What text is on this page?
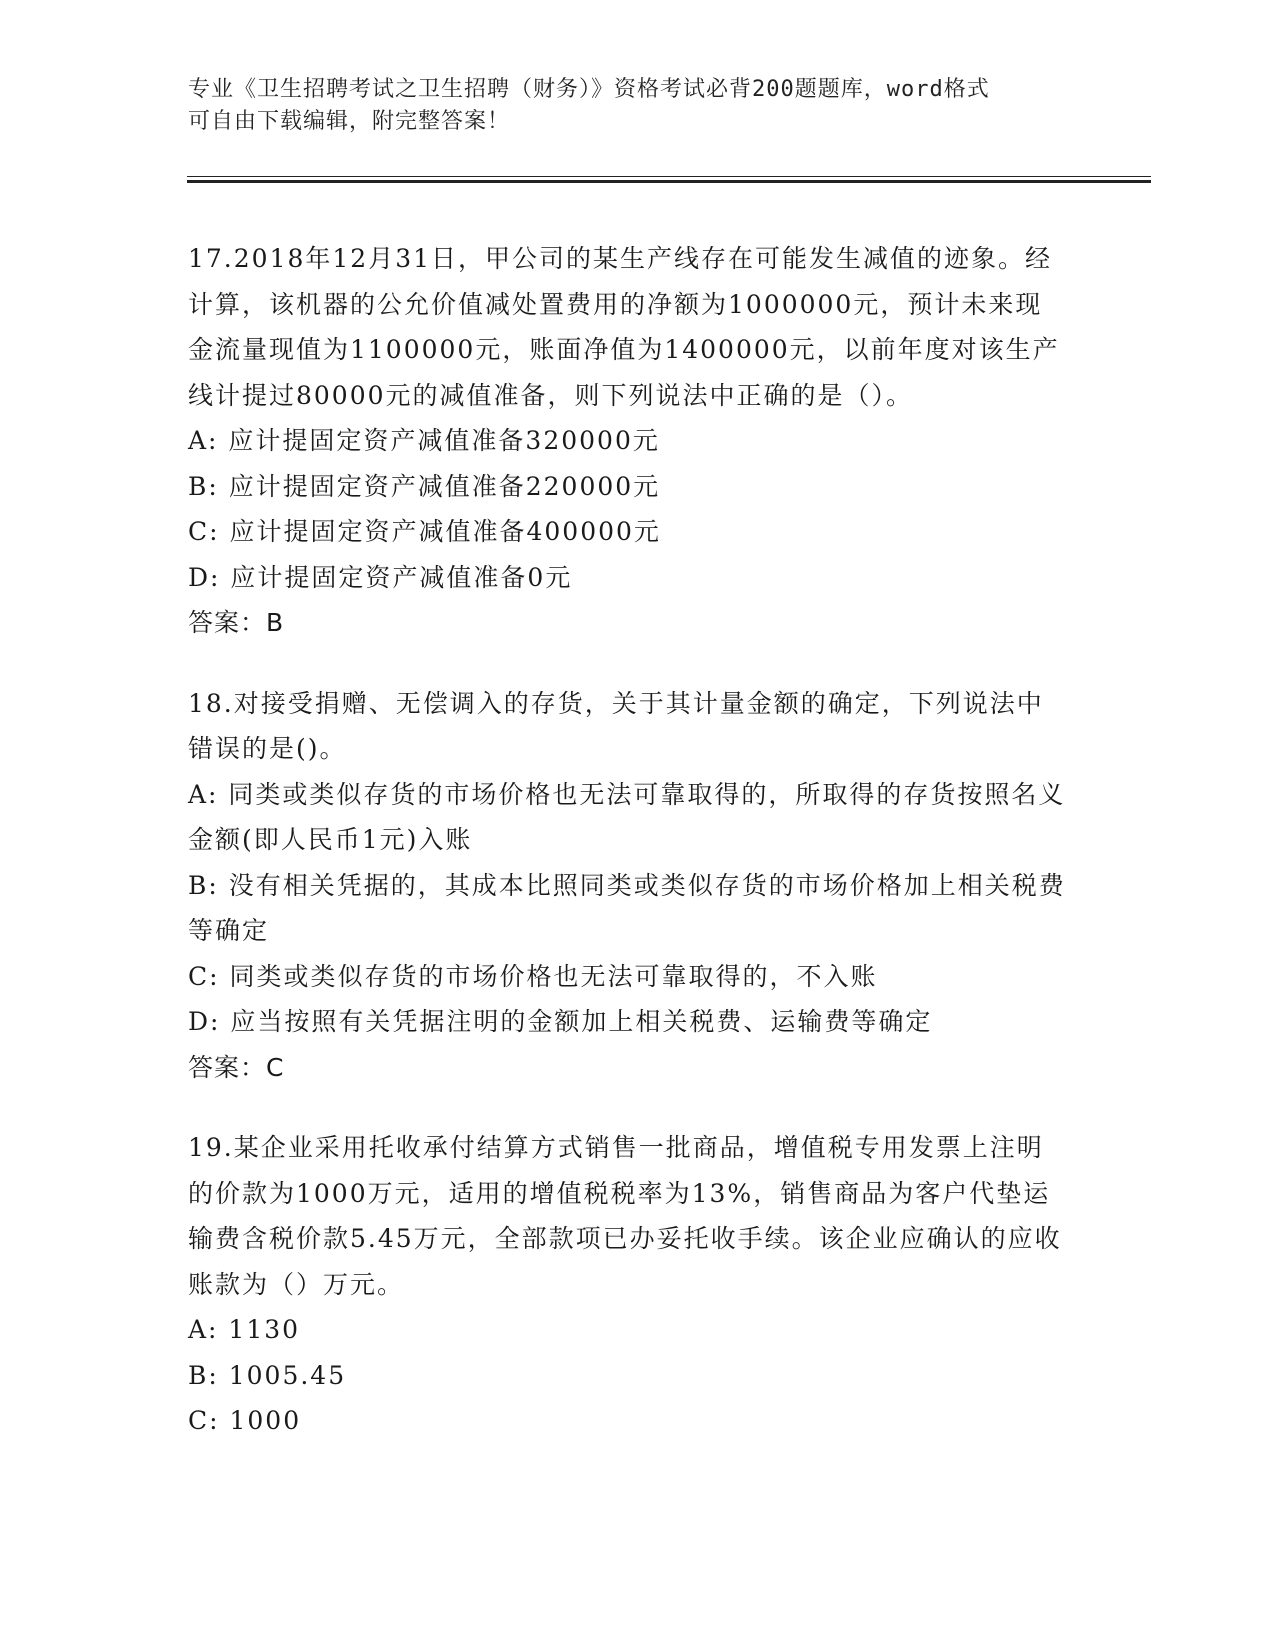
专业《卫生招聘考试之卫生招聘（财务）》资格考试必背200题题库，word格式
可自由下载编辑，附完整答案！

17.2018年12月31日，甲公司的某生产线存在可能发生减值的迹象。经计算，该机器的公允价值减处置费用的净额为1000000元，预计未来现金流量现值为1100000元，账面净值为1400000元，以前年度对该生产线计提过80000元的减值准备，则下列说法中正确的是（）。

A: 应计提固定资产减值准备320000元

B: 应计提固定资产减值准备220000元

C: 应计提固定资产减值准备400000元

D: 应计提固定资产减值准备0元

答案：B

18.对接受捐赠、无偿调入的存货，关于其计量金额的确定，下列说法中错误的是()。

A: 同类或类似存货的市场价格也无法可靠取得的，所取得的存货按照名义金额(即人民币1元)入账

B: 没有相关凭据的，其成本比照同类或类似存货的市场价格加上相关税费等确定

C: 同类或类似存货的市场价格也无法可靠取得的，不入账

D: 应当按照有关凭据注明的金额加上相关税费、运输费等确定

答案：C

19.某企业采用托收承付结算方式销售一批商品，增值税专用发票上注明的价款为1000万元，适用的增值税税率为13%，销售商品为客户代垫运输费含税价款5.45万元，全部款项已办妥托收手续。该企业应确认的应收账款为（）万元。

A: 1130

B: 1005.45

C: 1000
